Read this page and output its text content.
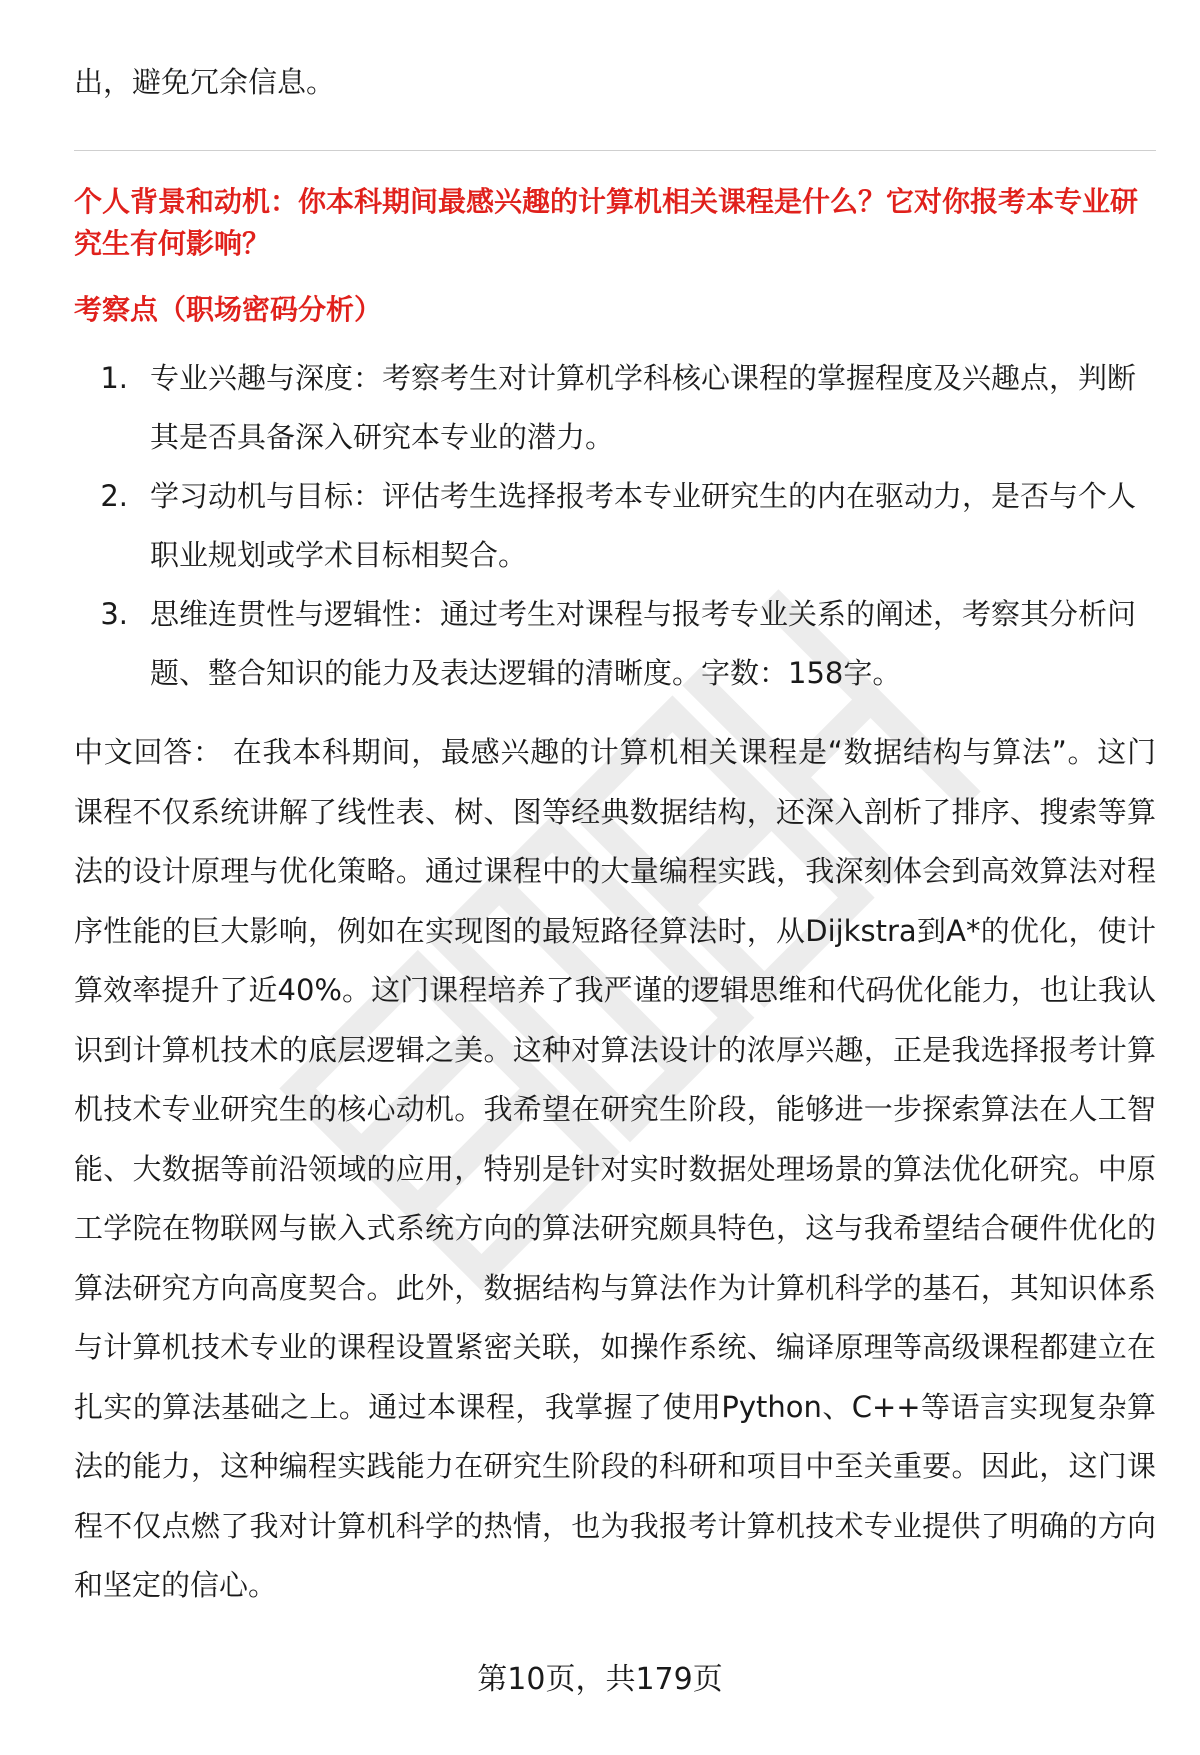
出，避免冗余信息。

个人背景和动机：你本科期间最感兴趣的计算机相关课程是什么？它对你报考本专业研究生有何影响？
考察点（职场密码分析）
1. 专业兴趣与深度：考察考生对计算机学科核心课程的掌握程度及兴趣点，判断其是否具备深入研究本专业的潜力。
2. 学习动机与目标：评估考生选择报考本专业研究生的内在驱动力，是否与个人职业规划或学术目标相契合。
3. 思维连贯性与逻辑性：通过考生对课程与报考专业关系的阐述，考察其分析问题、整合知识的能力及表达逻辑的清晰度。字数：158字。

中文回答： 在我本科期间，最感兴趣的计算机相关课程是“数据结构与算法”。这门课程不仅系统讲解了线性表、树、图等经典数据结构，还深入剖析了排序、搜索等算法的设计原理与优化策略。通过课程中的大量编程实践，我深刻体会到高效算法对程序性能的巨大影响，例如在实现图的最短路径算法时，从Dijkstra到A*的优化，使计算效率提升了近40%。这门课程培养了我严谨的逻辑思维和代码优化能力，也让我认识到计算机技术的底层逻辑之美。这种对算法设计的浓厚兴趣，正是我选择报考计算机技术专业研究生的核心动机。我希望在研究生阶段，能够进一步探索算法在人工智能、大数据等前沿领域的应用，特别是针对实时数据处理场景的算法优化研究。中原工学院在物联网与嵌入式系统方向的算法研究颇具特色，这与我希望结合硬件优化的算法研究方向高度契合。此外，数据结构与算法作为计算机科学的基石，其知识体系与计算机技术专业的课程设置紧密关联，如操作系统、编译原理等高级课程都建立在扎实的算法基础之上。通过本课程，我掌握了使用Python、C++等语言实现复杂算法的能力，这种编程实践能力在研究生阶段的科研和项目中至关重要。因此，这门课程不仅点燃了我对计算机科学的热情，也为我报考计算机技术专业提供了明确的方向和坚定的信心。

第10页，共179页
